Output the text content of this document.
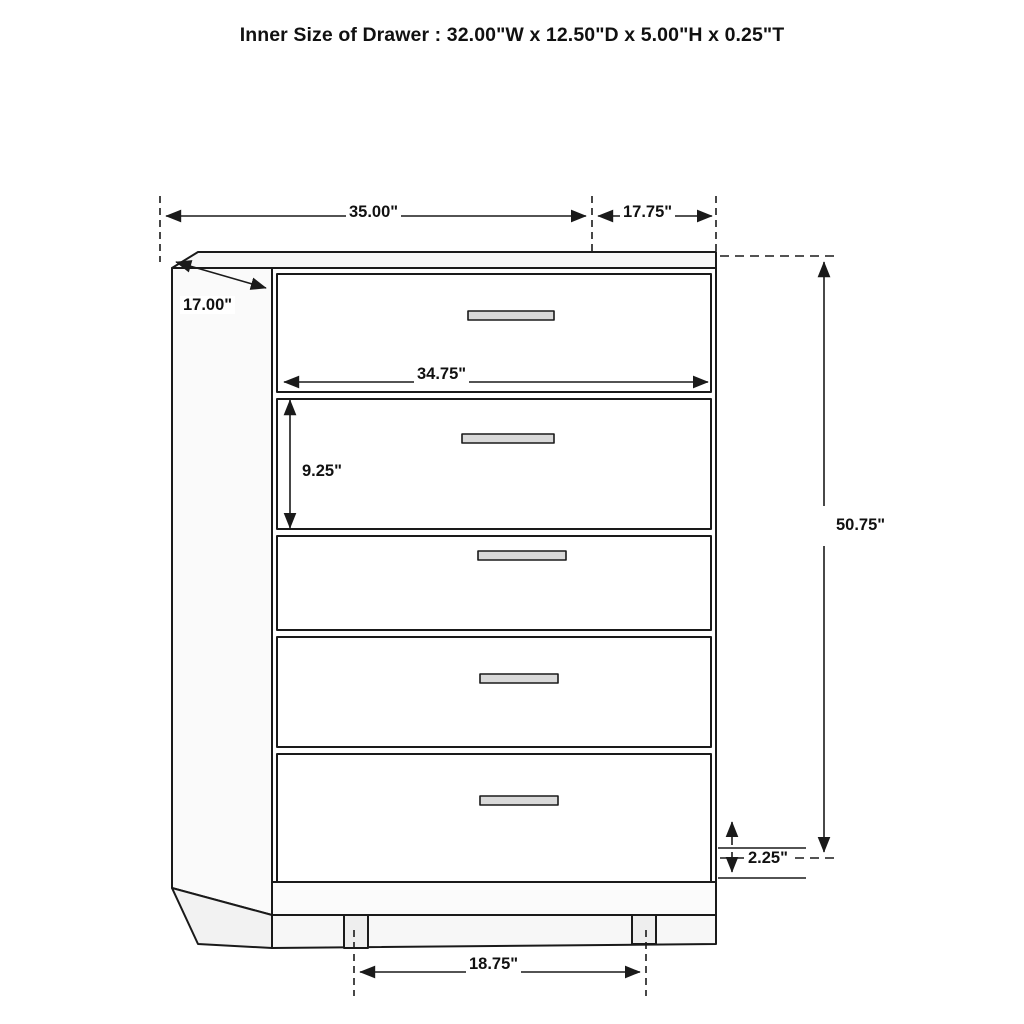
Inner Size of Drawer : 32.00"W x 12.50"D x 5.00"H x 0.25"T
35.00"	17.75"
17.00"
34.75"
9.25"
50.75"
2.25"
18.75"
